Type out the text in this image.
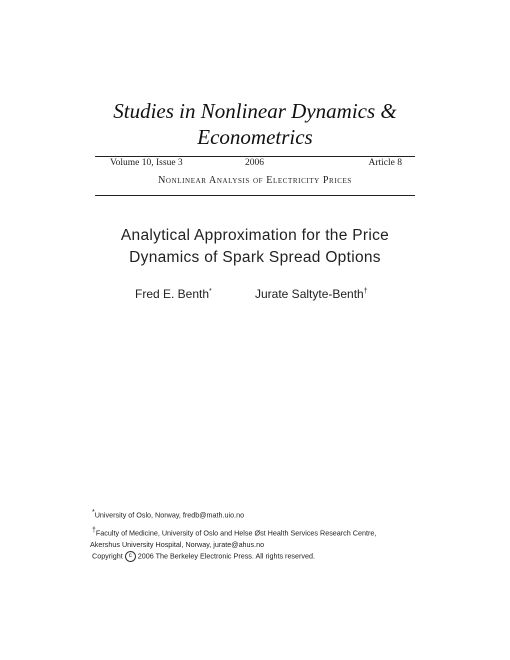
Studies in Nonlinear Dynamics &
Econometrics
Volume 10, Issue 3	2006	Article 8
Nonlinear Analysis of Electricity Prices
Analytical Approximation for the Price
Dynamics of Spark Spread Options
Fred E. Benth*	Jurate Saltyte-Benth†

*University of Oslo, Norway, fredb@math.uio.no

†Faculty of Medicine, University of Oslo and Helse Øst Health Services Research Centre,
Akershus University Hospital, Norway, jurate@ahus.no

Copyright c 2006 The Berkeley Electronic Press. All rights reserved.
